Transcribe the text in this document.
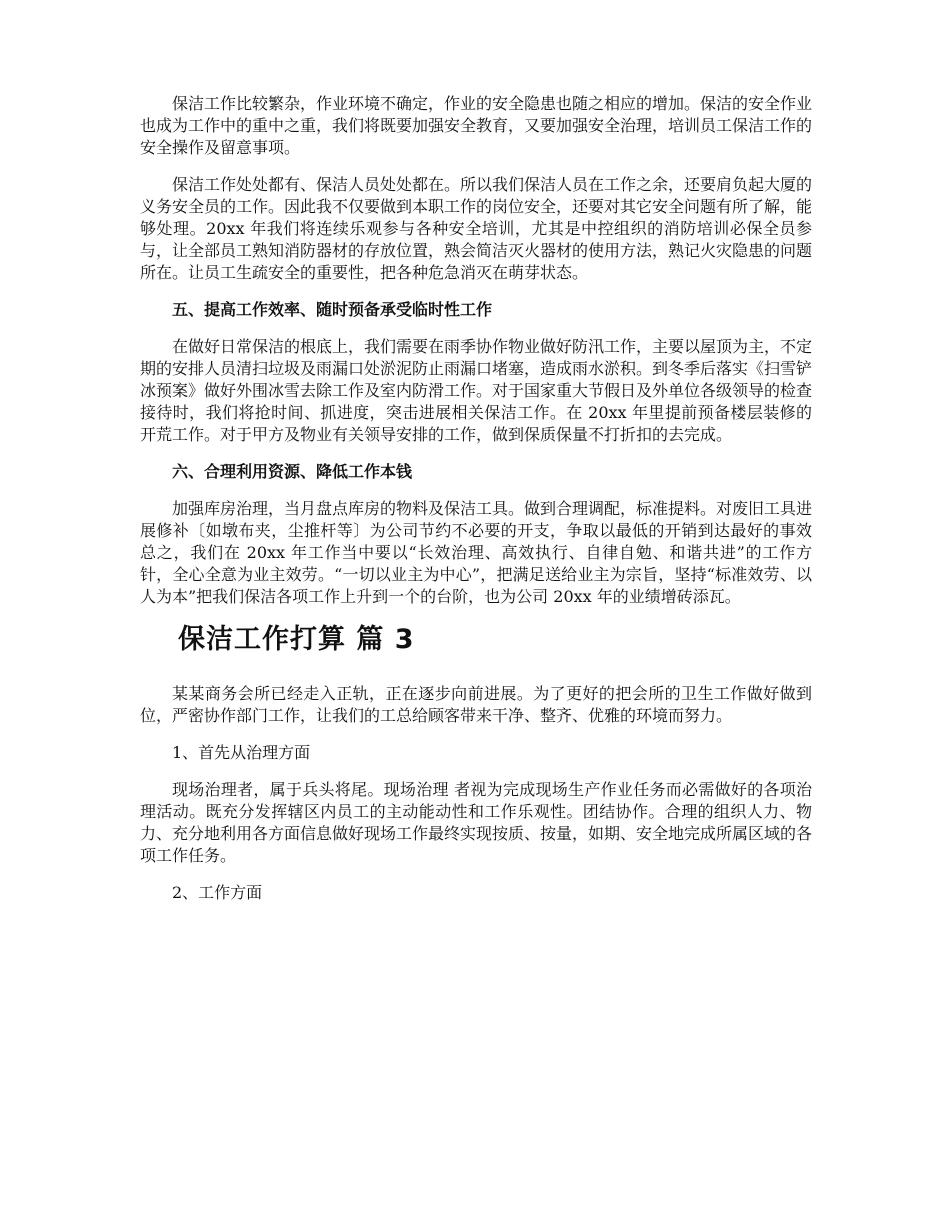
保洁工作比较繁杂，作业环境不确定，作业的安全隐患也随之相应的增加。保洁的安全作业也成为工作中的重中之重，我们将既要加强安全教育，又要加强安全治理，培训员工保洁工作的安全操作及留意事项。

保洁工作处处都有、保洁人员处处都在。所以我们保洁人员在工作之余，还要肩负起大厦的义务安全员的工作。因此我不仅要做到本职工作的岗位安全，还要对其它安全问题有所了解，能够处理。20xx 年我们将连续乐观参与各种安全培训，尤其是中控组织的消防培训必保全员参与，让全部员工熟知消防器材的存放位置，熟会简洁灭火器材的使用方法，熟记火灾隐患的问题所在。让员工生疏安全的重要性，把各种危急消灭在萌芽状态。

五、提高工作效率、随时预备承受临时性工作

在做好日常保洁的根底上，我们需要在雨季协作物业做好防汛工作，主要以屋顶为主，不定期的安排人员清扫垃圾及雨漏口处淤泥防止雨漏口堵塞，造成雨水淤积。到冬季后落实《扫雪铲冰预案》做好外围冰雪去除工作及室内防滑工作。对于国家重大节假日及外单位各级领导的检查接待时，我们将抢时间、抓进度，突击进展相关保洁工作。在 20xx 年里提前预备楼层装修的开荒工作。对于甲方及物业有关领导安排的工作，做到保质保量不打折扣的去完成。

六、合理利用资源、降低工作本钱

加强库房治理，当月盘点库房的物料及保洁工具。做到合理调配，标准提料。对废旧工具进展修补〔如墩布夹，尘推杆等〕为公司节约不必要的开支，争取以最低的开销到达最好的事效 总之，我们在 20xx 年工作当中要以“长效治理、高效执行、自律自勉、和谐共进”的工作方针，全心全意为业主效劳。“一切以业主为中心”，把满足送给业主为宗旨，坚持“标准效劳、以人为本”把我们保洁各项工作上升到一个的台阶，也为公司 20xx 年的业绩增砖添瓦。

保洁工作打算 篇 3

某某商务会所已经走入正轨，正在逐步向前进展。为了更好的把会所的卫生工作做好做到位，严密协作部门工作，让我们的工总给顾客带来干净、整齐、优雅的环境而努力。

1、首先从治理方面

现场治理者，属于兵头将尾。现场治理 者视为完成现场生产作业任务而必需做好的各项治理活动。既充分发挥辖区内员工的主动能动性和工作乐观性。团结协作。合理的组织人力、物力、充分地利用各方面信息做好现场工作最终实现按质、按量，如期、安全地完成所属区域的各项工作任务。

2、工作方面
